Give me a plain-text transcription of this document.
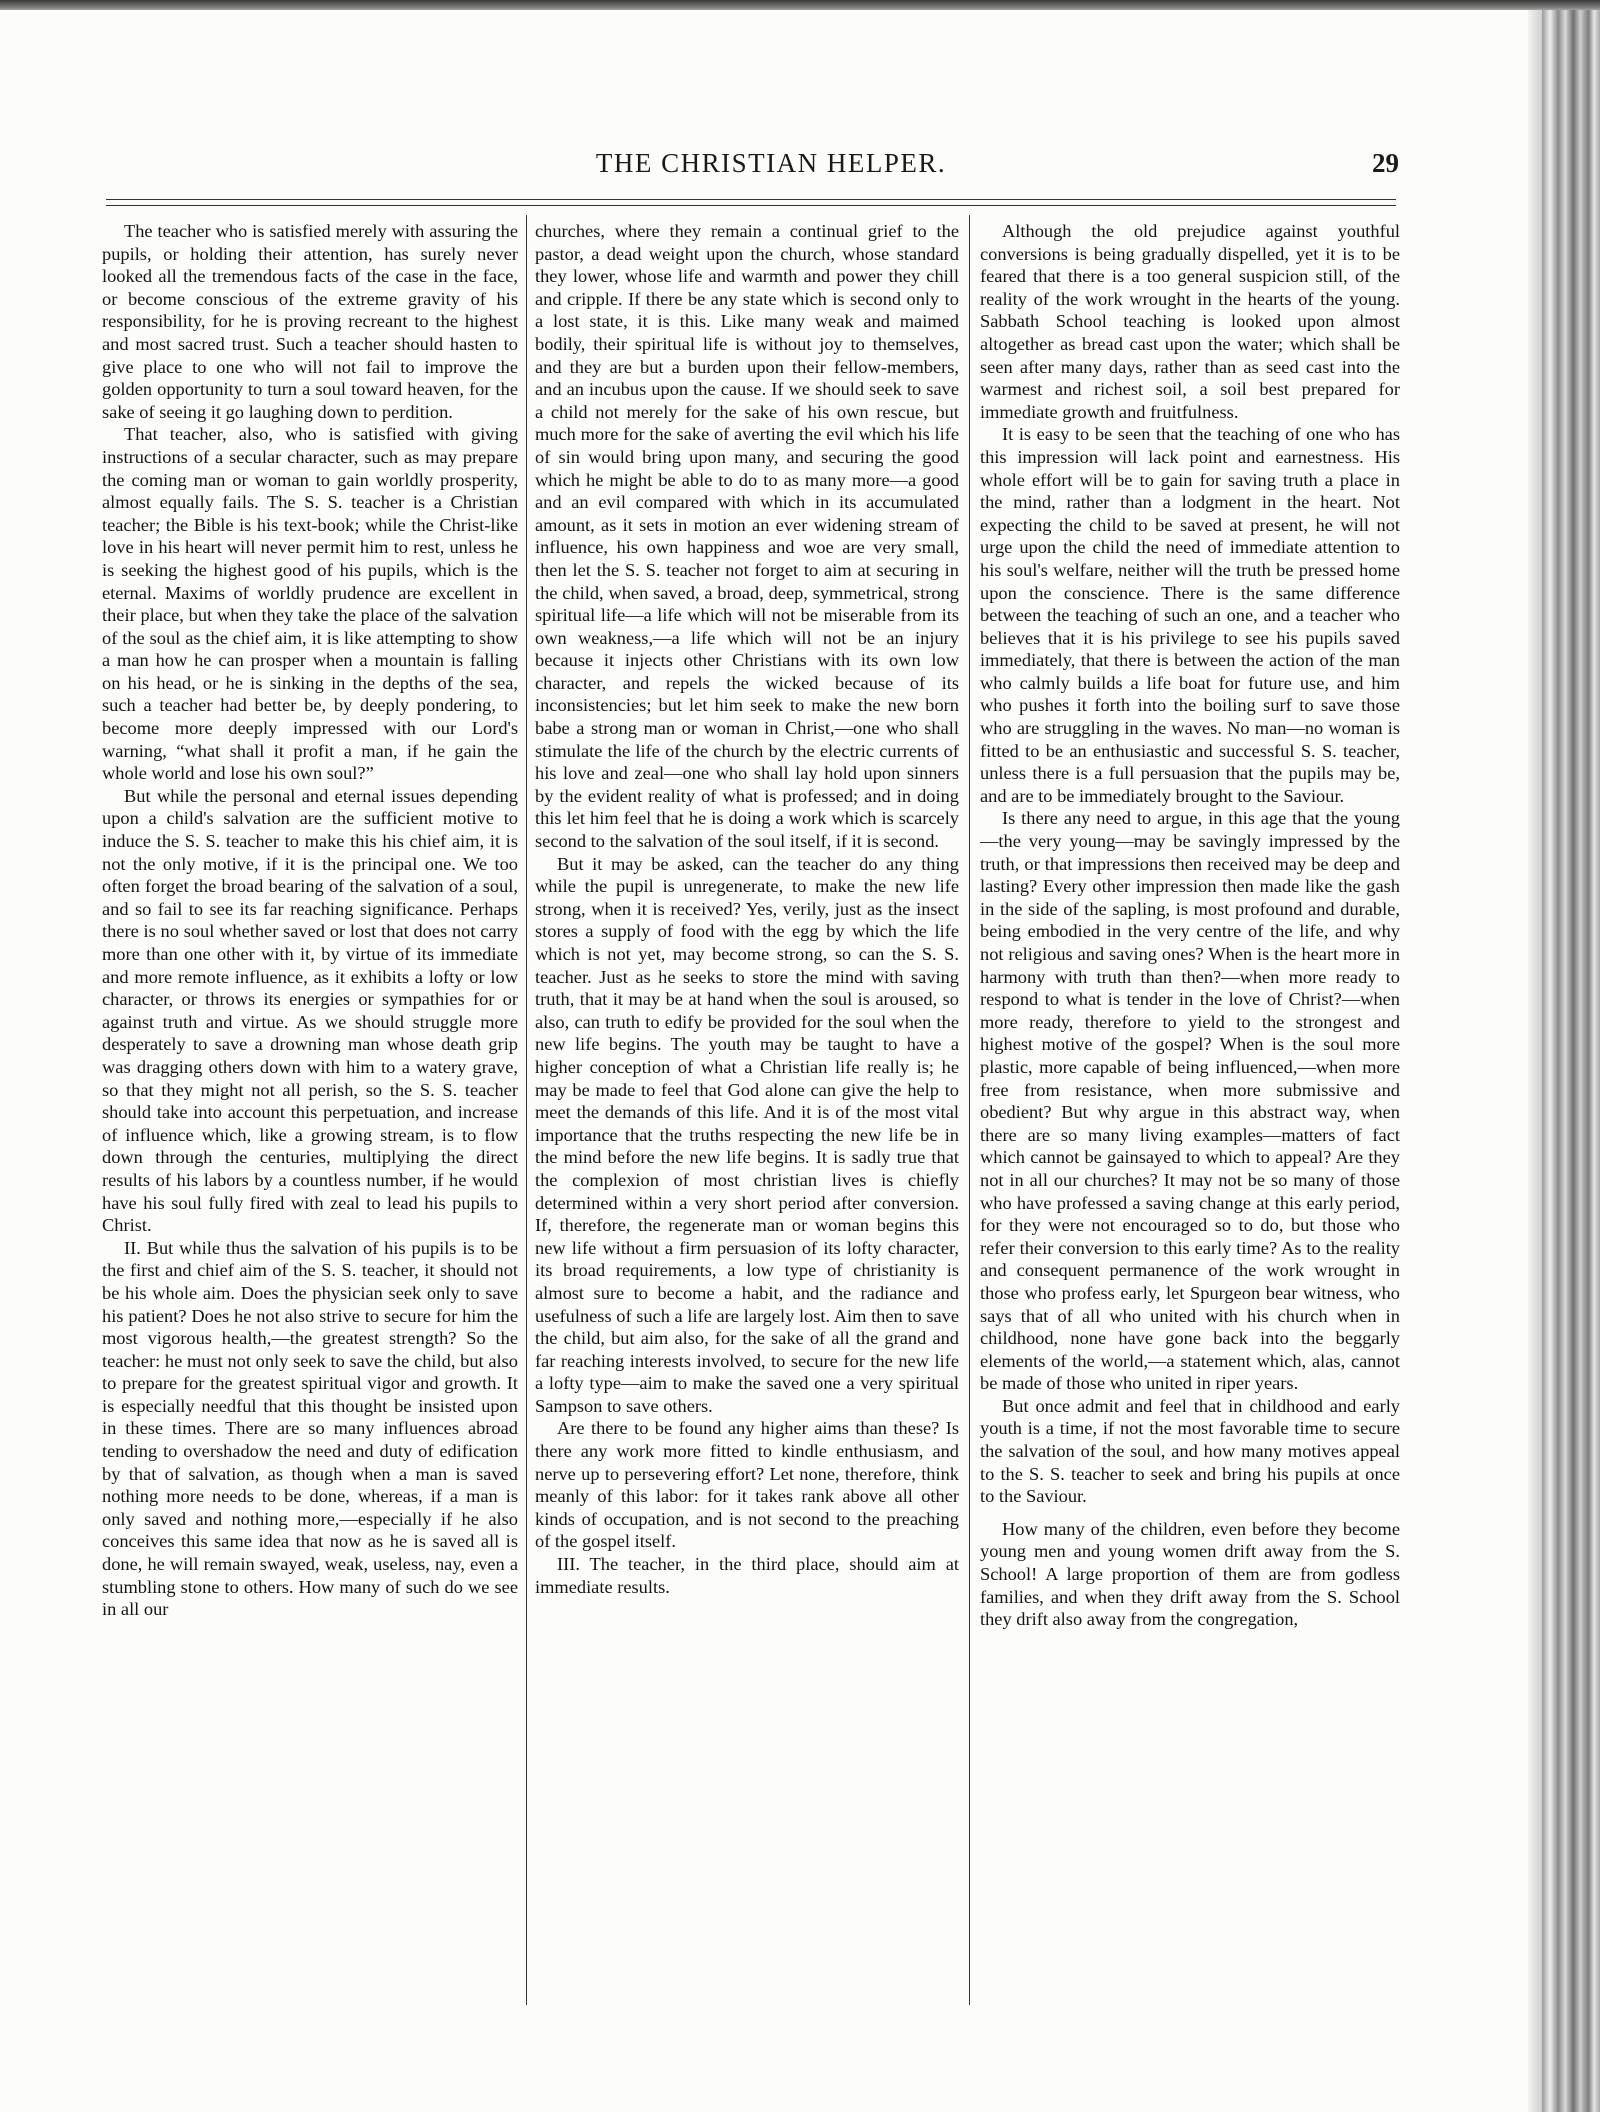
THE CHRISTIAN HELPER.	29

The teacher who is satisfied merely with assuring the pupils, or holding their attention, has surely never looked all the tremendous facts of the case in the face, or become conscious of the extreme gravity of his responsibility, for he is proving recreant to the highest and most sacred trust. Such a teacher should hasten to give place to one who will not fail to improve the golden opportunity to turn a soul toward heaven, for the sake of seeing it go laughing down to perdition.

That teacher, also, who is satisfied with giving instructions of a secular character, such as may prepare the coming man or woman to gain worldly prosperity, almost equally fails. The S. S. teacher is a Christian teacher; the Bible is his text-book; while the Christ-like love in his heart will never permit him to rest, unless he is seeking the highest good of his pupils, which is the eternal. Maxims of worldly prudence are excellent in their place, but when they take the place of the salvation of the soul as the chief aim, it is like attempting to show a man how he can prosper when a mountain is falling on his head, or he is sinking in the depths of the sea, such a teacher had better be, by deeply pondering, to become more deeply impressed with our Lord's warning, “what shall it profit a man, if he gain the whole world and lose his own soul?”

But while the personal and eternal issues depending upon a child's salvation are the sufficient motive to induce the S. S. teacher to make this his chief aim, it is not the only motive, if it is the principal one. We too often forget the broad bearing of the salvation of a soul, and so fail to see its far reaching significance. Perhaps there is no soul whether saved or lost that does not carry more than one other with it, by virtue of its immediate and more remote influence, as it exhibits a lofty or low character, or throws its energies or sympathies for or against truth and virtue. As we should struggle more desperately to save a drowning man whose death grip was dragging others down with him to a watery grave, so that they might not all perish, so the S. S. teacher should take into account this perpetuation, and increase of influence which, like a growing stream, is to flow down through the centuries, multiplying the direct results of his labors by a countless number, if he would have his soul fully fired with zeal to lead his pupils to Christ.

II. But while thus the salvation of his pupils is to be the first and chief aim of the S. S. teacher, it should not be his whole aim. Does the physician seek only to save his patient? Does he not also strive to secure for him the most vigorous health,—the greatest strength? So the teacher: he must not only seek to save the child, but also to prepare for the greatest spiritual vigor and growth. It is especially needful that this thought be insisted upon in these times. There are so many influences abroad tending to overshadow the need and duty of edification by that of salvation, as though when a man is saved nothing more needs to be done, whereas, if a man is only saved and nothing more,—especially if he also conceives this same idea that now as he is saved all is done, he will remain swayed, weak, useless, nay, even a stumbling stone to others. How many of such do we see in all our

churches, where they remain a continual grief to the pastor, a dead weight upon the church, whose standard they lower, whose life and warmth and power they chill and cripple. If there be any state which is second only to a lost state, it is this. Like many weak and maimed bodily, their spiritual life is without joy to themselves, and they are but a burden upon their fellow-members, and an incubus upon the cause. If we should seek to save a child not merely for the sake of his own rescue, but much more for the sake of averting the evil which his life of sin would bring upon many, and securing the good which he might be able to do to as many more—a good and an evil compared with which in its accumulated amount, as it sets in motion an ever widening stream of influence, his own happiness and woe are very small, then let the S. S. teacher not forget to aim at securing in the child, when saved, a broad, deep, symmetrical, strong spiritual life—a life which will not be miserable from its own weakness,—a life which will not be an injury because it injects other Christians with its own low character, and repels the wicked because of its inconsistencies; but let him seek to make the new born babe a strong man or woman in Christ,—one who shall stimulate the life of the church by the electric currents of his love and zeal—one who shall lay hold upon sinners by the evident reality of what is professed; and in doing this let him feel that he is doing a work which is scarcely second to the salvation of the soul itself, if it is second.

But it may be asked, can the teacher do any thing while the pupil is unregenerate, to make the new life strong, when it is received? Yes, verily, just as the insect stores a supply of food with the egg by which the life which is not yet, may become strong, so can the S. S. teacher. Just as he seeks to store the mind with saving truth, that it may be at hand when the soul is aroused, so also, can truth to edify be provided for the soul when the new life begins. The youth may be taught to have a higher conception of what a Christian life really is; he may be made to feel that God alone can give the help to meet the demands of this life. And it is of the most vital importance that the truths respecting the new life be in the mind before the new life begins. It is sadly true that the complexion of most christian lives is chiefly determined within a very short period after conversion. If, therefore, the regenerate man or woman begins this new life without a firm persuasion of its lofty character, its broad requirements, a low type of christianity is almost sure to become a habit, and the radiance and usefulness of such a life are largely lost. Aim then to save the child, but aim also, for the sake of all the grand and far reaching interests involved, to secure for the new life a lofty type—aim to make the saved one a very spiritual Sampson to save others.

Are there to be found any higher aims than these? Is there any work more fitted to kindle enthusiasm, and nerve up to persevering effort? Let none, therefore, think meanly of this labor: for it takes rank above all other kinds of occupation, and is not second to the preaching of the gospel itself.

III. The teacher, in the third place, should aim at immediate results.

Although the old prejudice against youthful conversions is being gradually dispelled, yet it is to be feared that there is a too general suspicion still, of the reality of the work wrought in the hearts of the young. Sabbath School teaching is looked upon almost altogether as bread cast upon the water; which shall be seen after many days, rather than as seed cast into the warmest and richest soil, a soil best prepared for immediate growth and fruitfulness.

It is easy to be seen that the teaching of one who has this impression will lack point and earnestness. His whole effort will be to gain for saving truth a place in the mind, rather than a lodgment in the heart. Not expecting the child to be saved at present, he will not urge upon the child the need of immediate attention to his soul's welfare, neither will the truth be pressed home upon the conscience. There is the same difference between the teaching of such an one, and a teacher who believes that it is his privilege to see his pupils saved immediately, that there is between the action of the man who calmly builds a life boat for future use, and him who pushes it forth into the boiling surf to save those who are struggling in the waves. No man—no woman is fitted to be an enthusiastic and successful S. S. teacher, unless there is a full persuasion that the pupils may be, and are to be immediately brought to the Saviour.

Is there any need to argue, in this age that the young—the very young—may be savingly impressed by the truth, or that impressions then received may be deep and lasting? Every other impression then made like the gash in the side of the sapling, is most profound and durable, being embodied in the very centre of the life, and why not religious and saving ones? When is the heart more in harmony with truth than then?—when more ready to respond to what is tender in the love of Christ?—when more ready, therefore to yield to the strongest and highest motive of the gospel? When is the soul more plastic, more capable of being influenced,—when more free from resistance, when more submissive and obedient? But why argue in this abstract way, when there are so many living examples—matters of fact which cannot be gainsayed to which to appeal? Are they not in all our churches? It may not be so many of those who have professed a saving change at this early period, for they were not encouraged so to do, but those who refer their conversion to this early time? As to the reality and consequent permanence of the work wrought in those who profess early, let Spurgeon bear witness, who says that of all who united with his church when in childhood, none have gone back into the beggarly elements of the world,—a statement which, alas, cannot be made of those who united in riper years.

But once admit and feel that in childhood and early youth is a time, if not the most favorable time to secure the salvation of the soul, and how many motives appeal to the S. S. teacher to seek and bring his pupils at once to the Saviour.

How many of the children, even before they become young men and young women drift away from the S. School! A large proportion of them are from godless families, and when they drift away from the S. School they drift also away from the congregation,
